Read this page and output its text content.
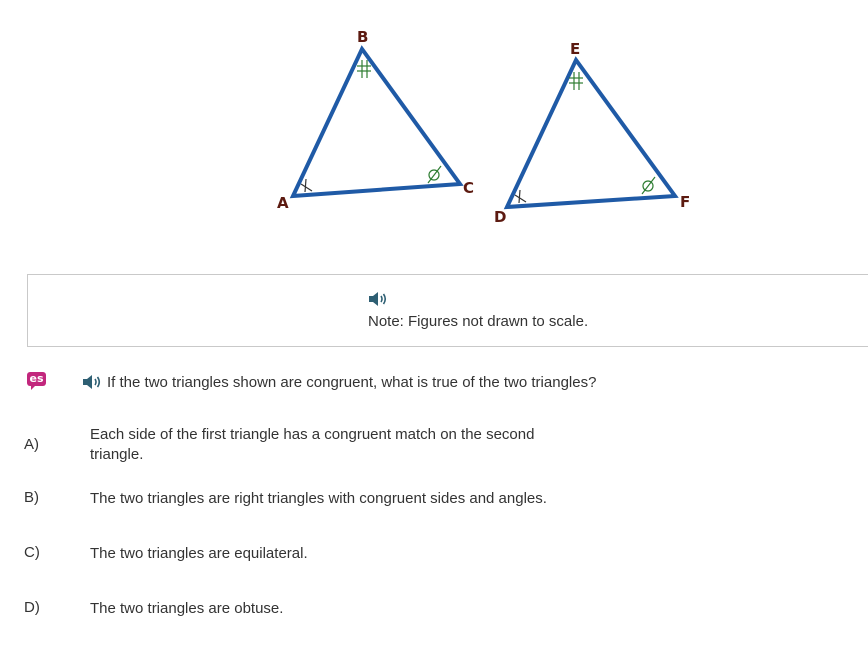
A
B
C
D
E
F
Note: Figures not drawn to scale.
es	If the two triangles shown are congruent, what is true of the two triangles?
A)
Each side of the first triangle has a congruent match on the second triangle.
B)	The two triangles are right triangles with congruent sides and angles.
C)	The two triangles are equilateral.
D)	The two triangles are obtuse.
